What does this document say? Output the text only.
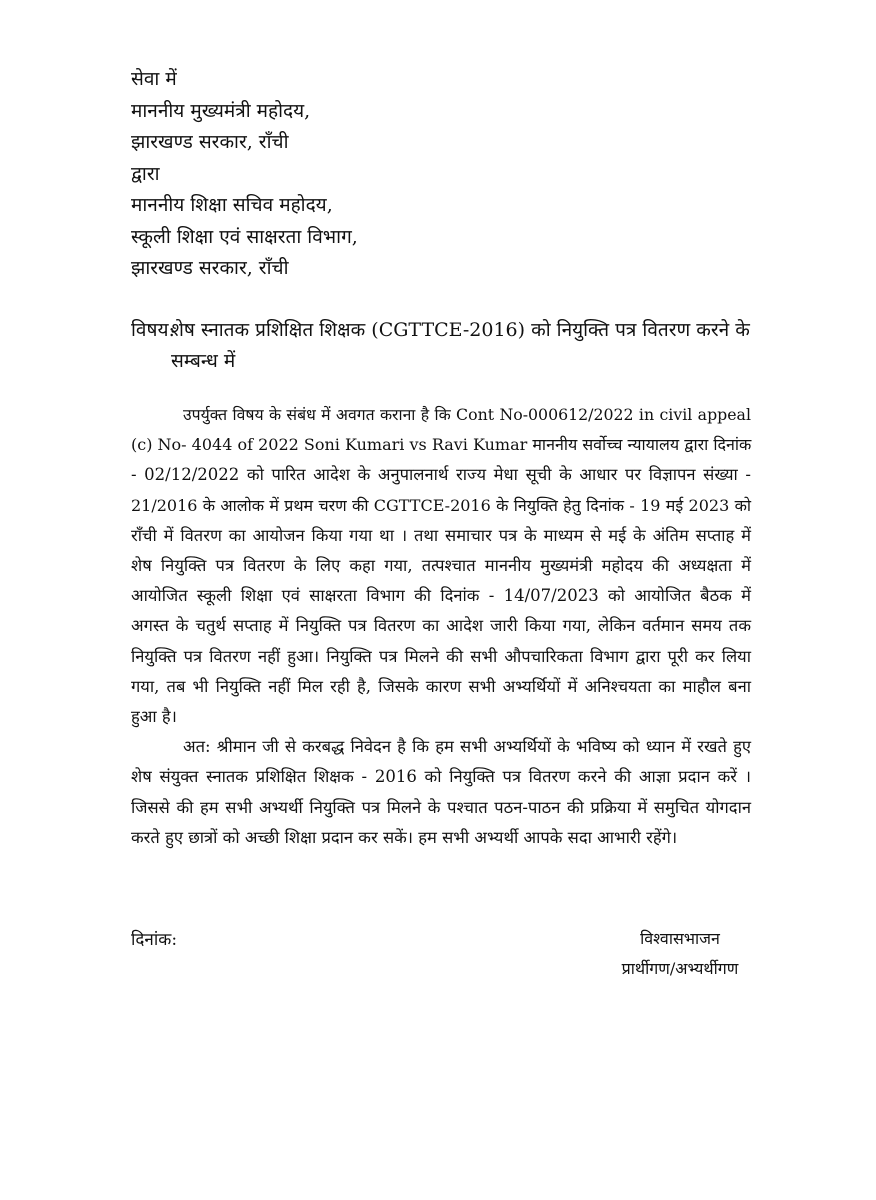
सेवा में
माननीय मुख्यमंत्री महोदय,
झारखण्ड सरकार, राँची
द्वारा
माननीय शिक्षा सचिव महोदय,
स्कूली शिक्षा एवं साक्षरता विभाग,
झारखण्ड सरकार, राँची
विषय:
शेष स्नातक प्रशिक्षित शिक्षक (CGTTCE-2016) को नियुक्ति पत्र वितरण करने के
सम्बन्ध में
उपर्युक्त विषय के संबंध में अवगत कराना है कि Cont No-000612/2022 in civil appeal
(c) No- 4044 of 2022 Soni Kumari vs Ravi Kumar माननीय सर्वोच्च न्यायालय द्वारा दिनांक
- 02/12/2022 को पारित आदेश के अनुपालनार्थ राज्य मेधा सूची के आधार पर विज्ञापन संख्या -
21/2016 के आलोक में प्रथम चरण की CGTTCE-2016 के नियुक्ति हेतु दिनांक - 19 मई 2023 को
राँची में वितरण का आयोजन किया गया था । तथा समाचार पत्र के माध्यम से मई के अंतिम सप्ताह में
शेष नियुक्ति पत्र वितरण के लिए कहा गया, तत्पश्चात माननीय मुख्यमंत्री महोदय की अध्यक्षता में
आयोजित स्कूली शिक्षा एवं साक्षरता विभाग की दिनांक - 14/07/2023 को आयोजित बैठक में
अगस्त के चतुर्थ सप्ताह में नियुक्ति पत्र वितरण का आदेश जारी किया गया, लेकिन वर्तमान समय तक
नियुक्ति पत्र वितरण नहीं हुआ। नियुक्ति पत्र मिलने की सभी औपचारिकता विभाग द्वारा पूरी कर लिया
गया, तब भी नियुक्ति नहीं मिल रही है, जिसके कारण सभी अभ्यर्थियों में अनिश्चयता का माहौल बना
हुआ है।
अत: श्रीमान जी से करबद्ध निवेदन है कि हम सभी अभ्यर्थियों के भविष्य को ध्यान में रखते हुए
शेष संयुक्त स्नातक प्रशिक्षित शिक्षक - 2016 को नियुक्ति पत्र वितरण करने की आज्ञा प्रदान करें ।
जिससे की हम सभी अभ्यर्थी नियुक्ति पत्र मिलने के पश्चात पठन-पाठन की प्रक्रिया में समुचित योगदान
करते हुए छात्रों को अच्छी शिक्षा प्रदान कर सकें। हम सभी अभ्यर्थी आपके सदा आभारी रहेंगे।
दिनांक:	विश्वासभाजन
प्रार्थीगण/अभ्यर्थीगण
